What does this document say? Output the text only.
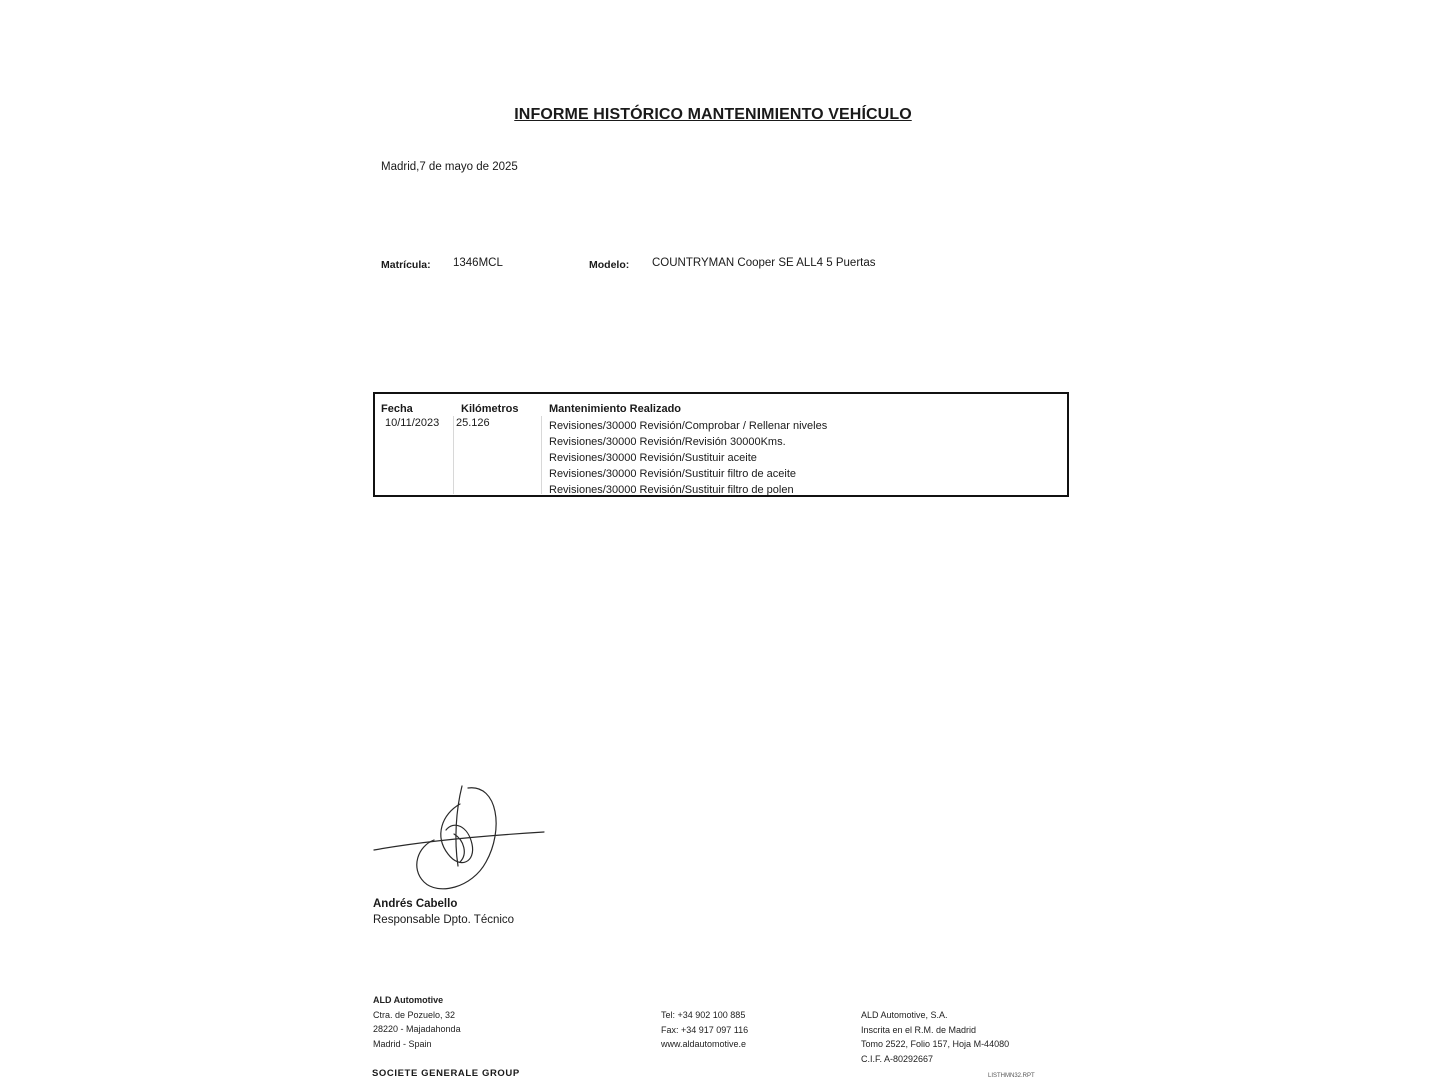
INFORME HISTÓRICO MANTENIMIENTO VEHÍCULO
Madrid,7 de mayo de 2025
Matrícula: 1346MCL	Modelo: COUNTRYMAN Cooper SE ALL4 5 Puertas
Fecha	Kilómetros	Mantenimiento Realizado
10/11/2023 25.126	Revisiones/30000 Revisión/Comprobar / Rellenar niveles
Revisiones/30000 Revisión/Revisión 30000Kms.
Revisiones/30000 Revisión/Sustituir aceite
Revisiones/30000 Revisión/Sustituir filtro de aceite
Revisiones/30000 Revisión/Sustituir filtro de polen
Andrés Cabello
Responsable Dpto. Técnico
ALD Automotive
Ctra. de Pozuelo, 32
28220 - Majadahonda
Madrid - Spain
Tel: +34 902 100 885
Fax: +34 917 097 116
www.aldautomotive.e
ALD Automotive, S.A.
Inscrita en el R.M. de Madrid
Tomo 2522, Folio 157, Hoja M-44080
C.I.F. A-80292667
SOCIETE GENERALE GROUP	LISTHMN32.RPT
